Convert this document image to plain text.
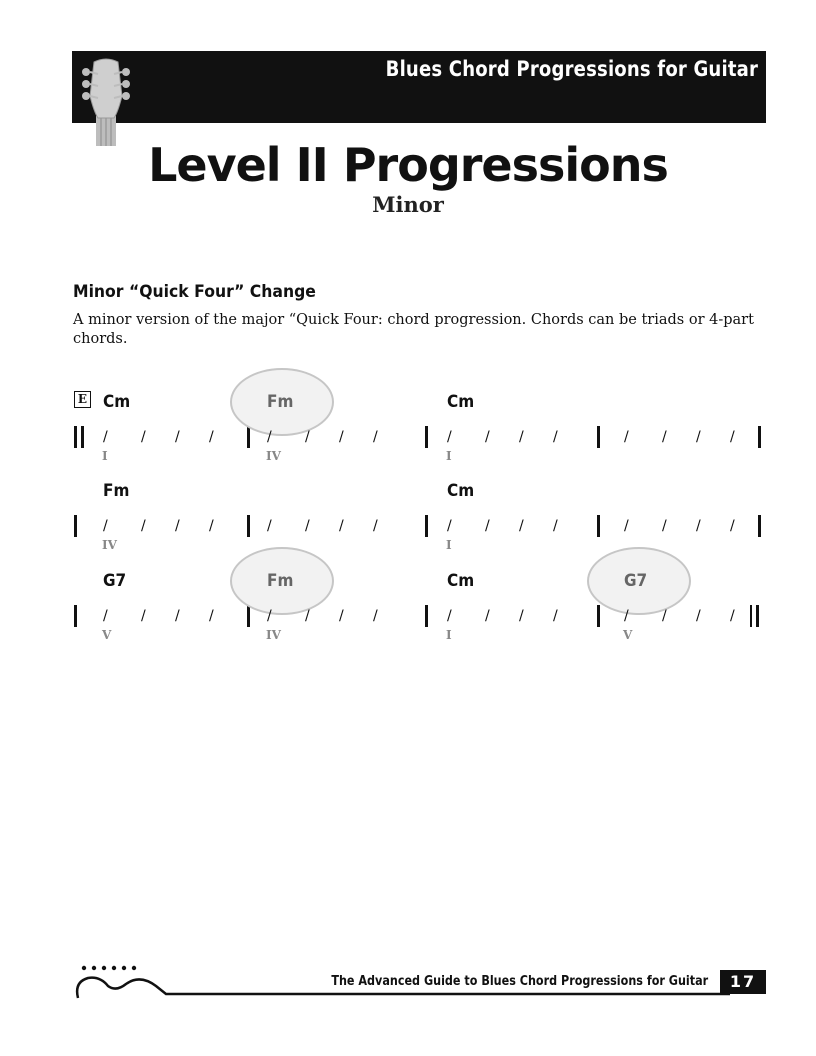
Blues Chord Progressions for Guitar
Level II Progressions
Minor
Minor “Quick Four” Change
A minor version of the major “Quick Four: chord progression. Chords can be triads or 4-part chords.
E Cm
/ / / /
I
Fm
/ / / /
IV
Cm
/ / / /
I
/ / / /
Fm
/ / / /
IV
/ / / /
Cm
/ / / /
I
/ / / /
G7
/ / / /
V
Fm
/ / / /
IV
Cm
/ / / /
I
G7
/ / / /
V
The Advanced Guide to Blues Chord Progressions for Guitar	17
